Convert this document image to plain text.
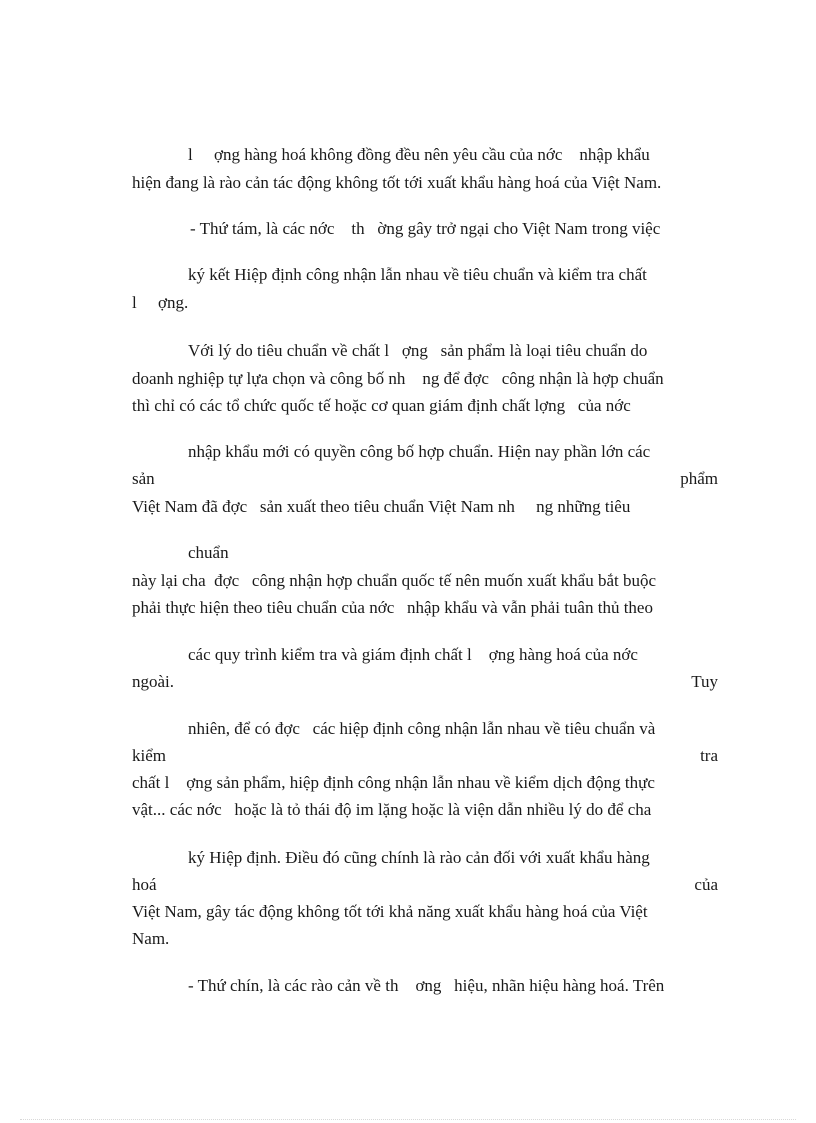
l     ợng hàng hoá không đồng đều nên yêu cầu của nớc    nhập khẩu
hiện đang là rào cản tác động không tốt tới xuất khẩu hàng hoá của Việt Nam.
- Thứ tám, là các nớc    th   ờng gây trở ngại cho Việt Nam trong việc
ký kết Hiệp định công nhận lẫn nhau về tiêu chuẩn và kiểm tra chất
l     ợng.
Với lý do tiêu chuẩn về chất l   ợng   sản phẩm là loại tiêu chuẩn do
doanh nghiệp tự lựa chọn và công bố nh    ng để đợc   công nhận là hợp chuẩn
thì chỉ có các tổ chức quốc tế hoặc cơ quan giám định chất lợng   của nớc
nhập khẩu mới có quyền công bố hợp chuẩn. Hiện nay phần lớn các
sản	phẩm
Việt Nam đã đợc   sản xuất theo tiêu chuẩn Việt Nam nh     ng những tiêu
chuẩn
này lại cha  đợc   công nhận hợp chuẩn quốc tế nên muốn xuất khẩu bắt buộc
phải thực hiện theo tiêu chuẩn của nớc   nhập khẩu và vẫn phải tuân thủ theo
các quy trình kiểm tra và giám định chất l    ợng hàng hoá của nớc
ngoài.	Tuy
nhiên, để có đợc   các hiệp định công nhận lẫn nhau về tiêu chuẩn và
kiểm	tra
chất l    ợng sản phẩm, hiệp định công nhận lẫn nhau về kiểm dịch động thực
vật... các nớc   hoặc là tỏ thái độ im lặng hoặc là viện dẫn nhiều lý do để cha
ký Hiệp định. Điều đó cũng chính là rào cản đối với xuất khẩu hàng
hoá	của
Việt Nam, gây tác động không tốt tới khả năng xuất khẩu hàng hoá của Việt
Nam.
- Thứ chín, là các rào cản về th    ơng   hiệu, nhãn hiệu hàng hoá. Trên
